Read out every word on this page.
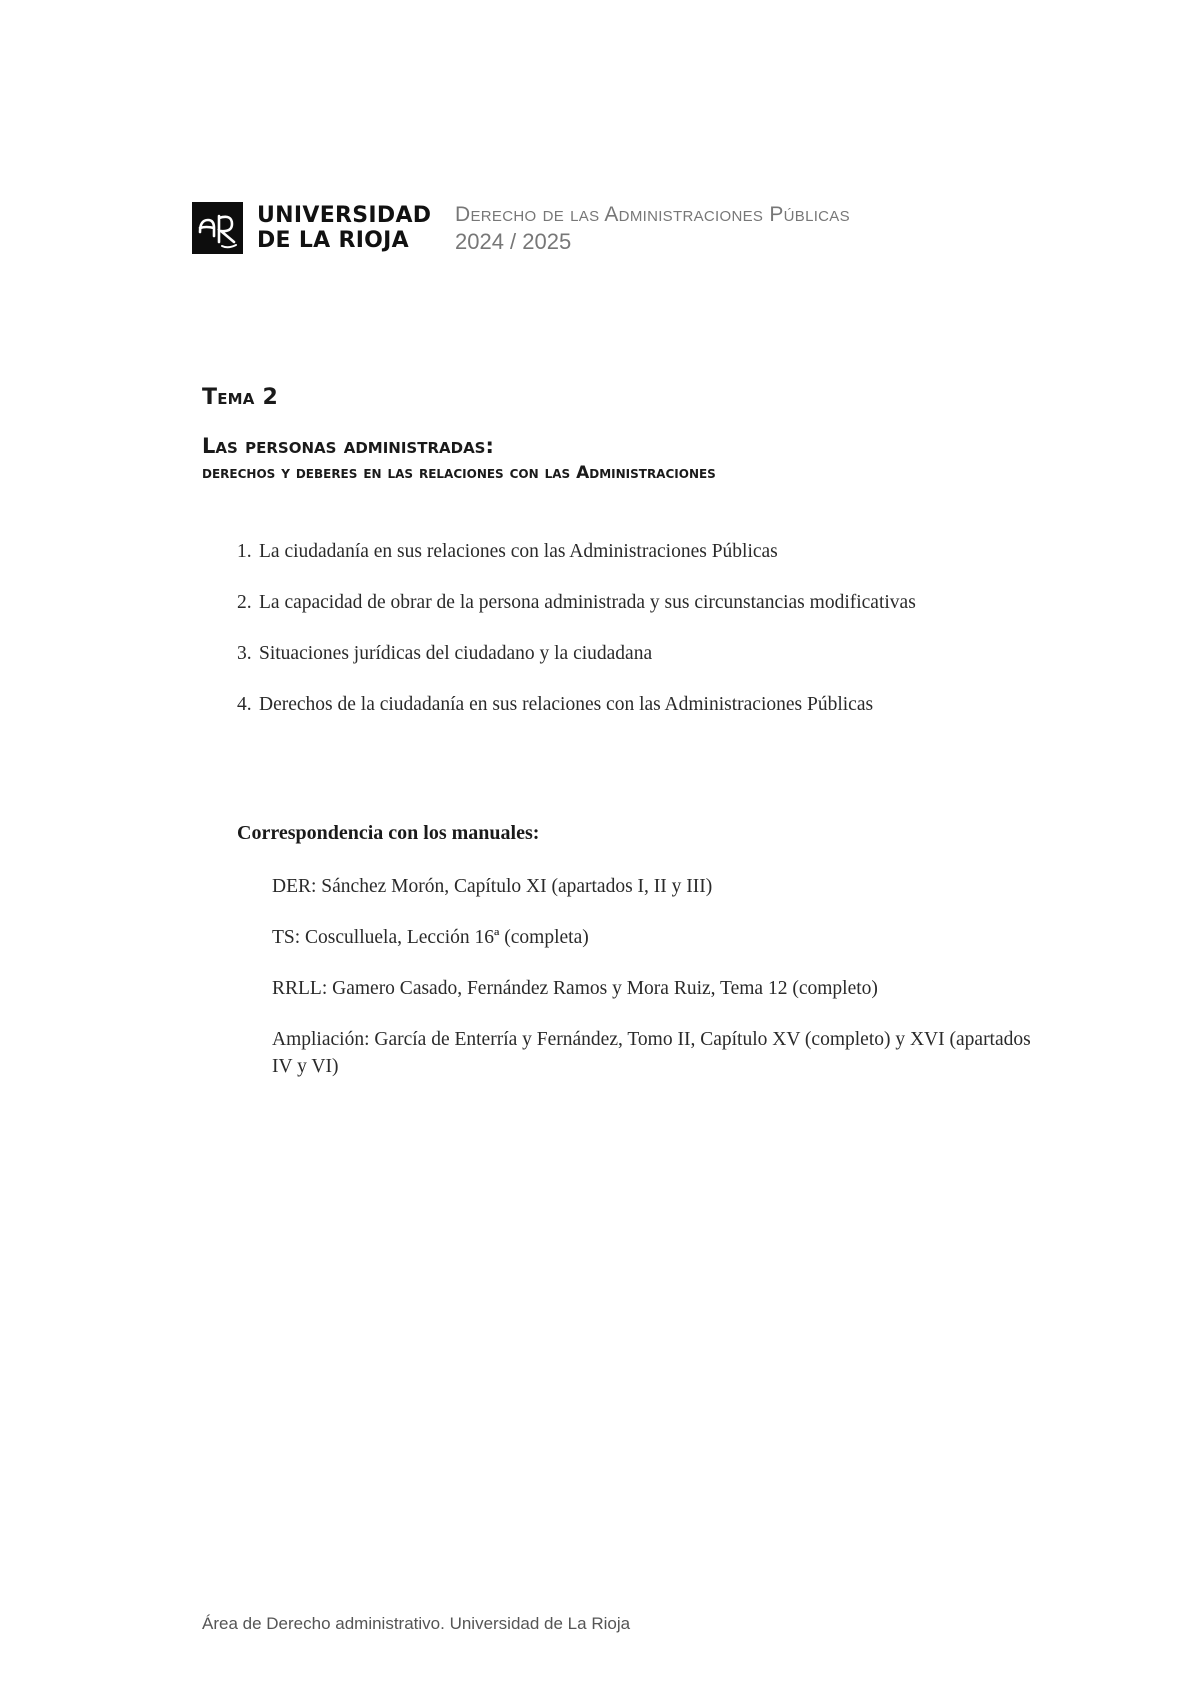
UNIVERSIDAD
DE LA RIOJA
Derecho de las Administraciones Públicas
2024 / 2025
Tema 2
Las personas administradas:
derechos y deberes en las relaciones con las Administraciones
1. La ciudadanía en sus relaciones con las Administraciones Públicas
2. La capacidad de obrar de la persona administrada y sus circunstancias modificativas
3. Situaciones jurídicas del ciudadano y la ciudadana
4. Derechos de la ciudadanía en sus relaciones con las Administraciones Públicas
Correspondencia con los manuales:
DER: Sánchez Morón, Capítulo XI (apartados I, II y III)
TS: Cosculluela, Lección 16ª (completa)
RRLL: Gamero Casado, Fernández Ramos y Mora Ruiz, Tema 12 (completo)
Ampliación: García de Enterría y Fernández, Tomo II, Capítulo XV (completo) y XVI (apartados IV y VI)
Área de Derecho administrativo. Universidad de La Rioja
